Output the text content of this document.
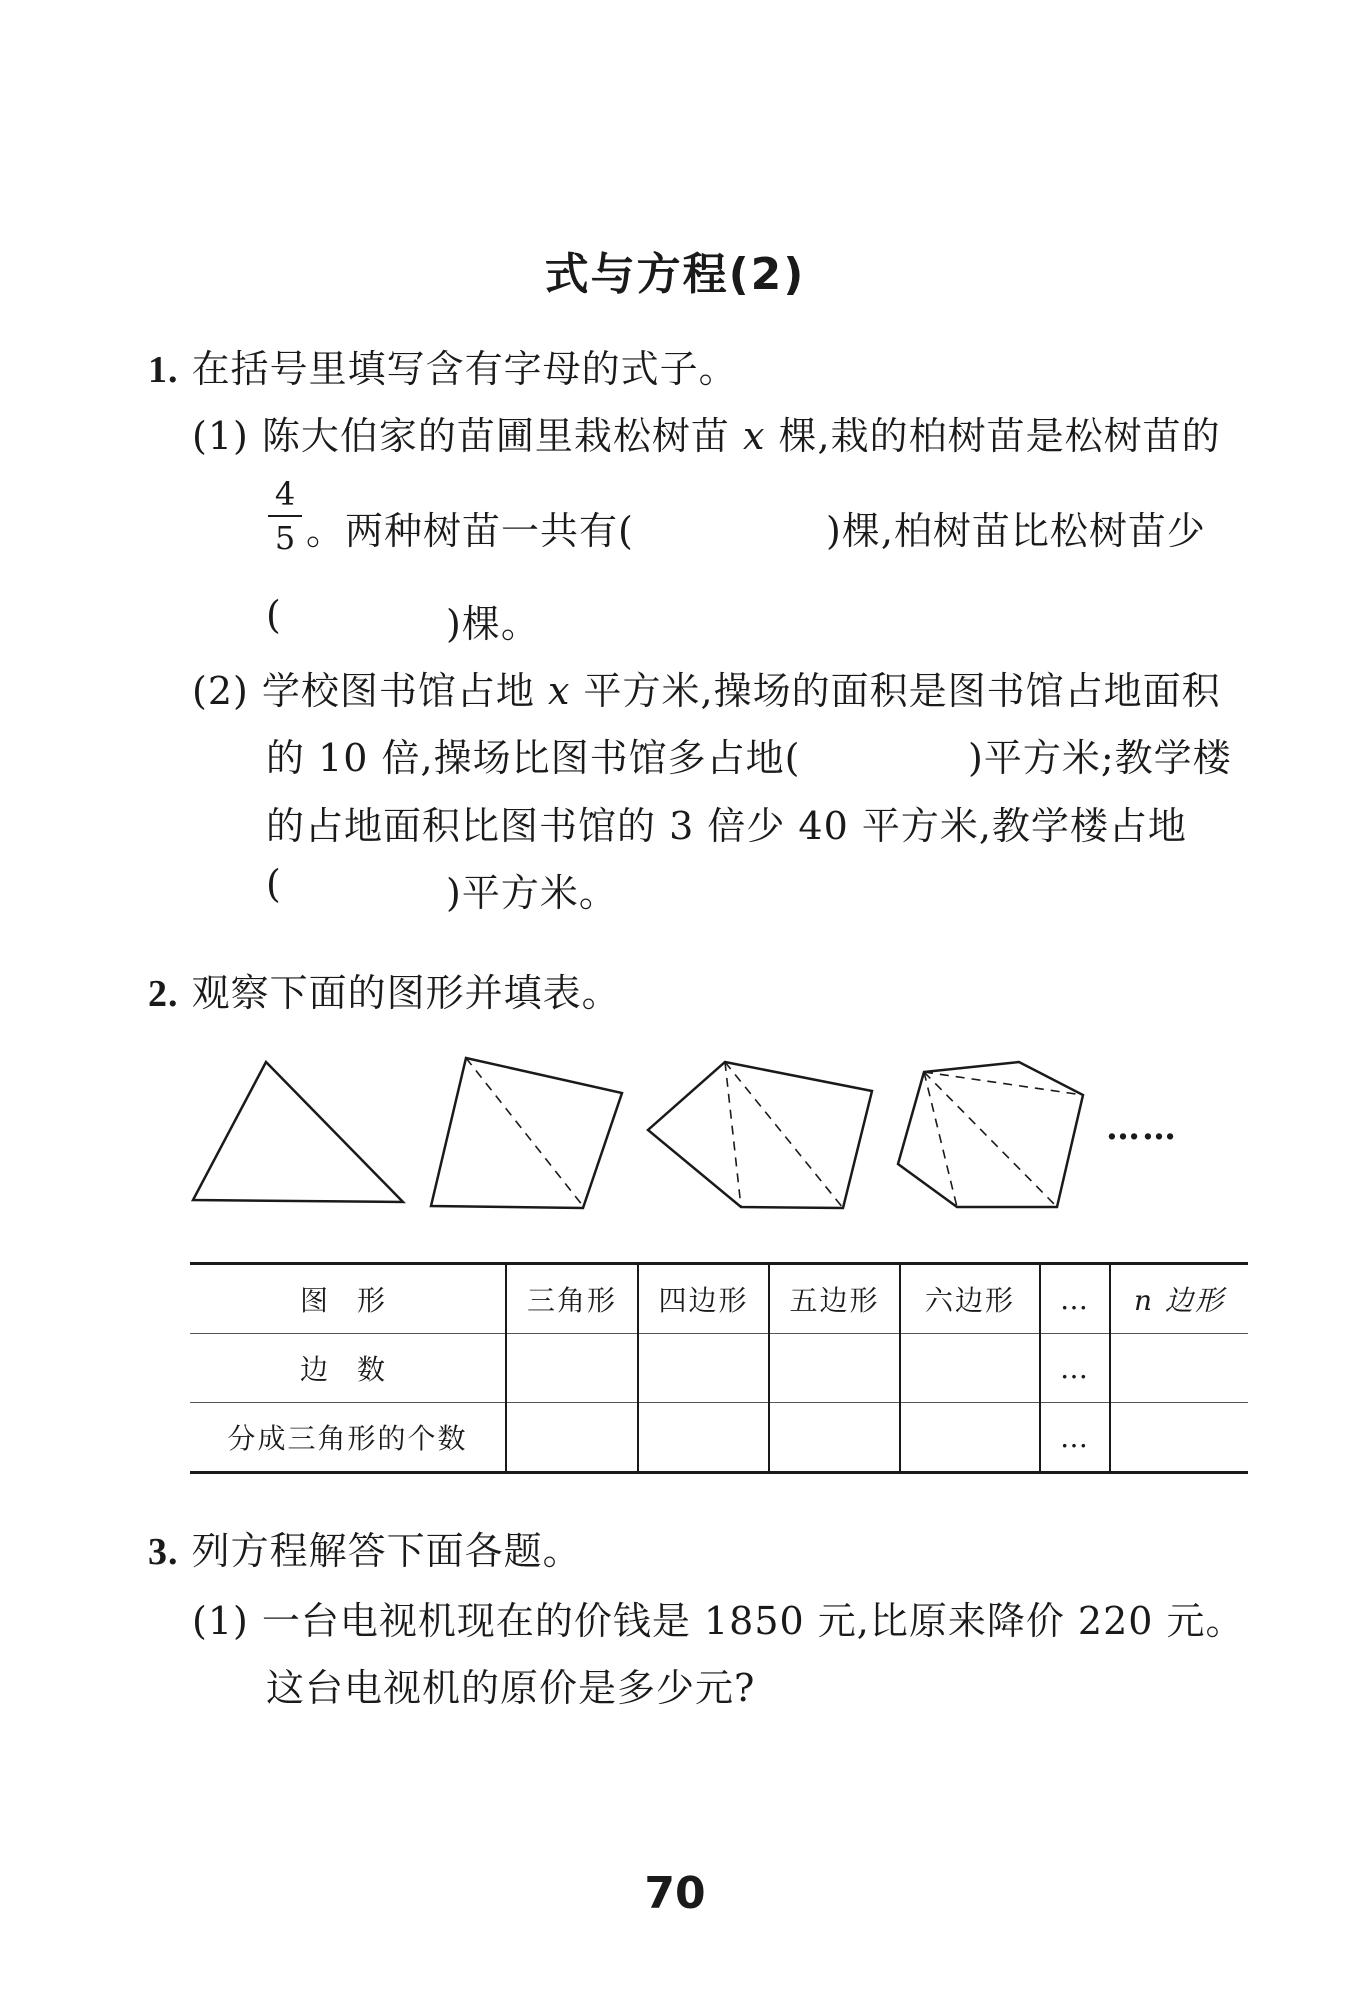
式与方程(2)
1. 在括号里填写含有字母的式子。
(1) 陈大伯家的苗圃里栽松树苗 x 棵,栽的柏树苗是松树苗的
4
5 。两种树苗一共有(	)棵,柏树苗比松树苗少
(	)棵。
(2) 学校图书馆占地 x 平方米,操场的面积是图书馆占地面积
的 10 倍,操场比图书馆多占地(	)平方米;教学楼
的占地面积比图书馆的 3 倍少 40 平方米,教学楼占地
(	)平方米。
2. 观察下面的图形并填表。
……
图 形	三角形	四边形	五边形	六边形	…	n 边形
边 数					…	
分成三角形的个数					…	
3. 列方程解答下面各题。
(1) 一台电视机现在的价钱是 1850 元,比原来降价 220 元。
这台电视机的原价是多少元?
70
